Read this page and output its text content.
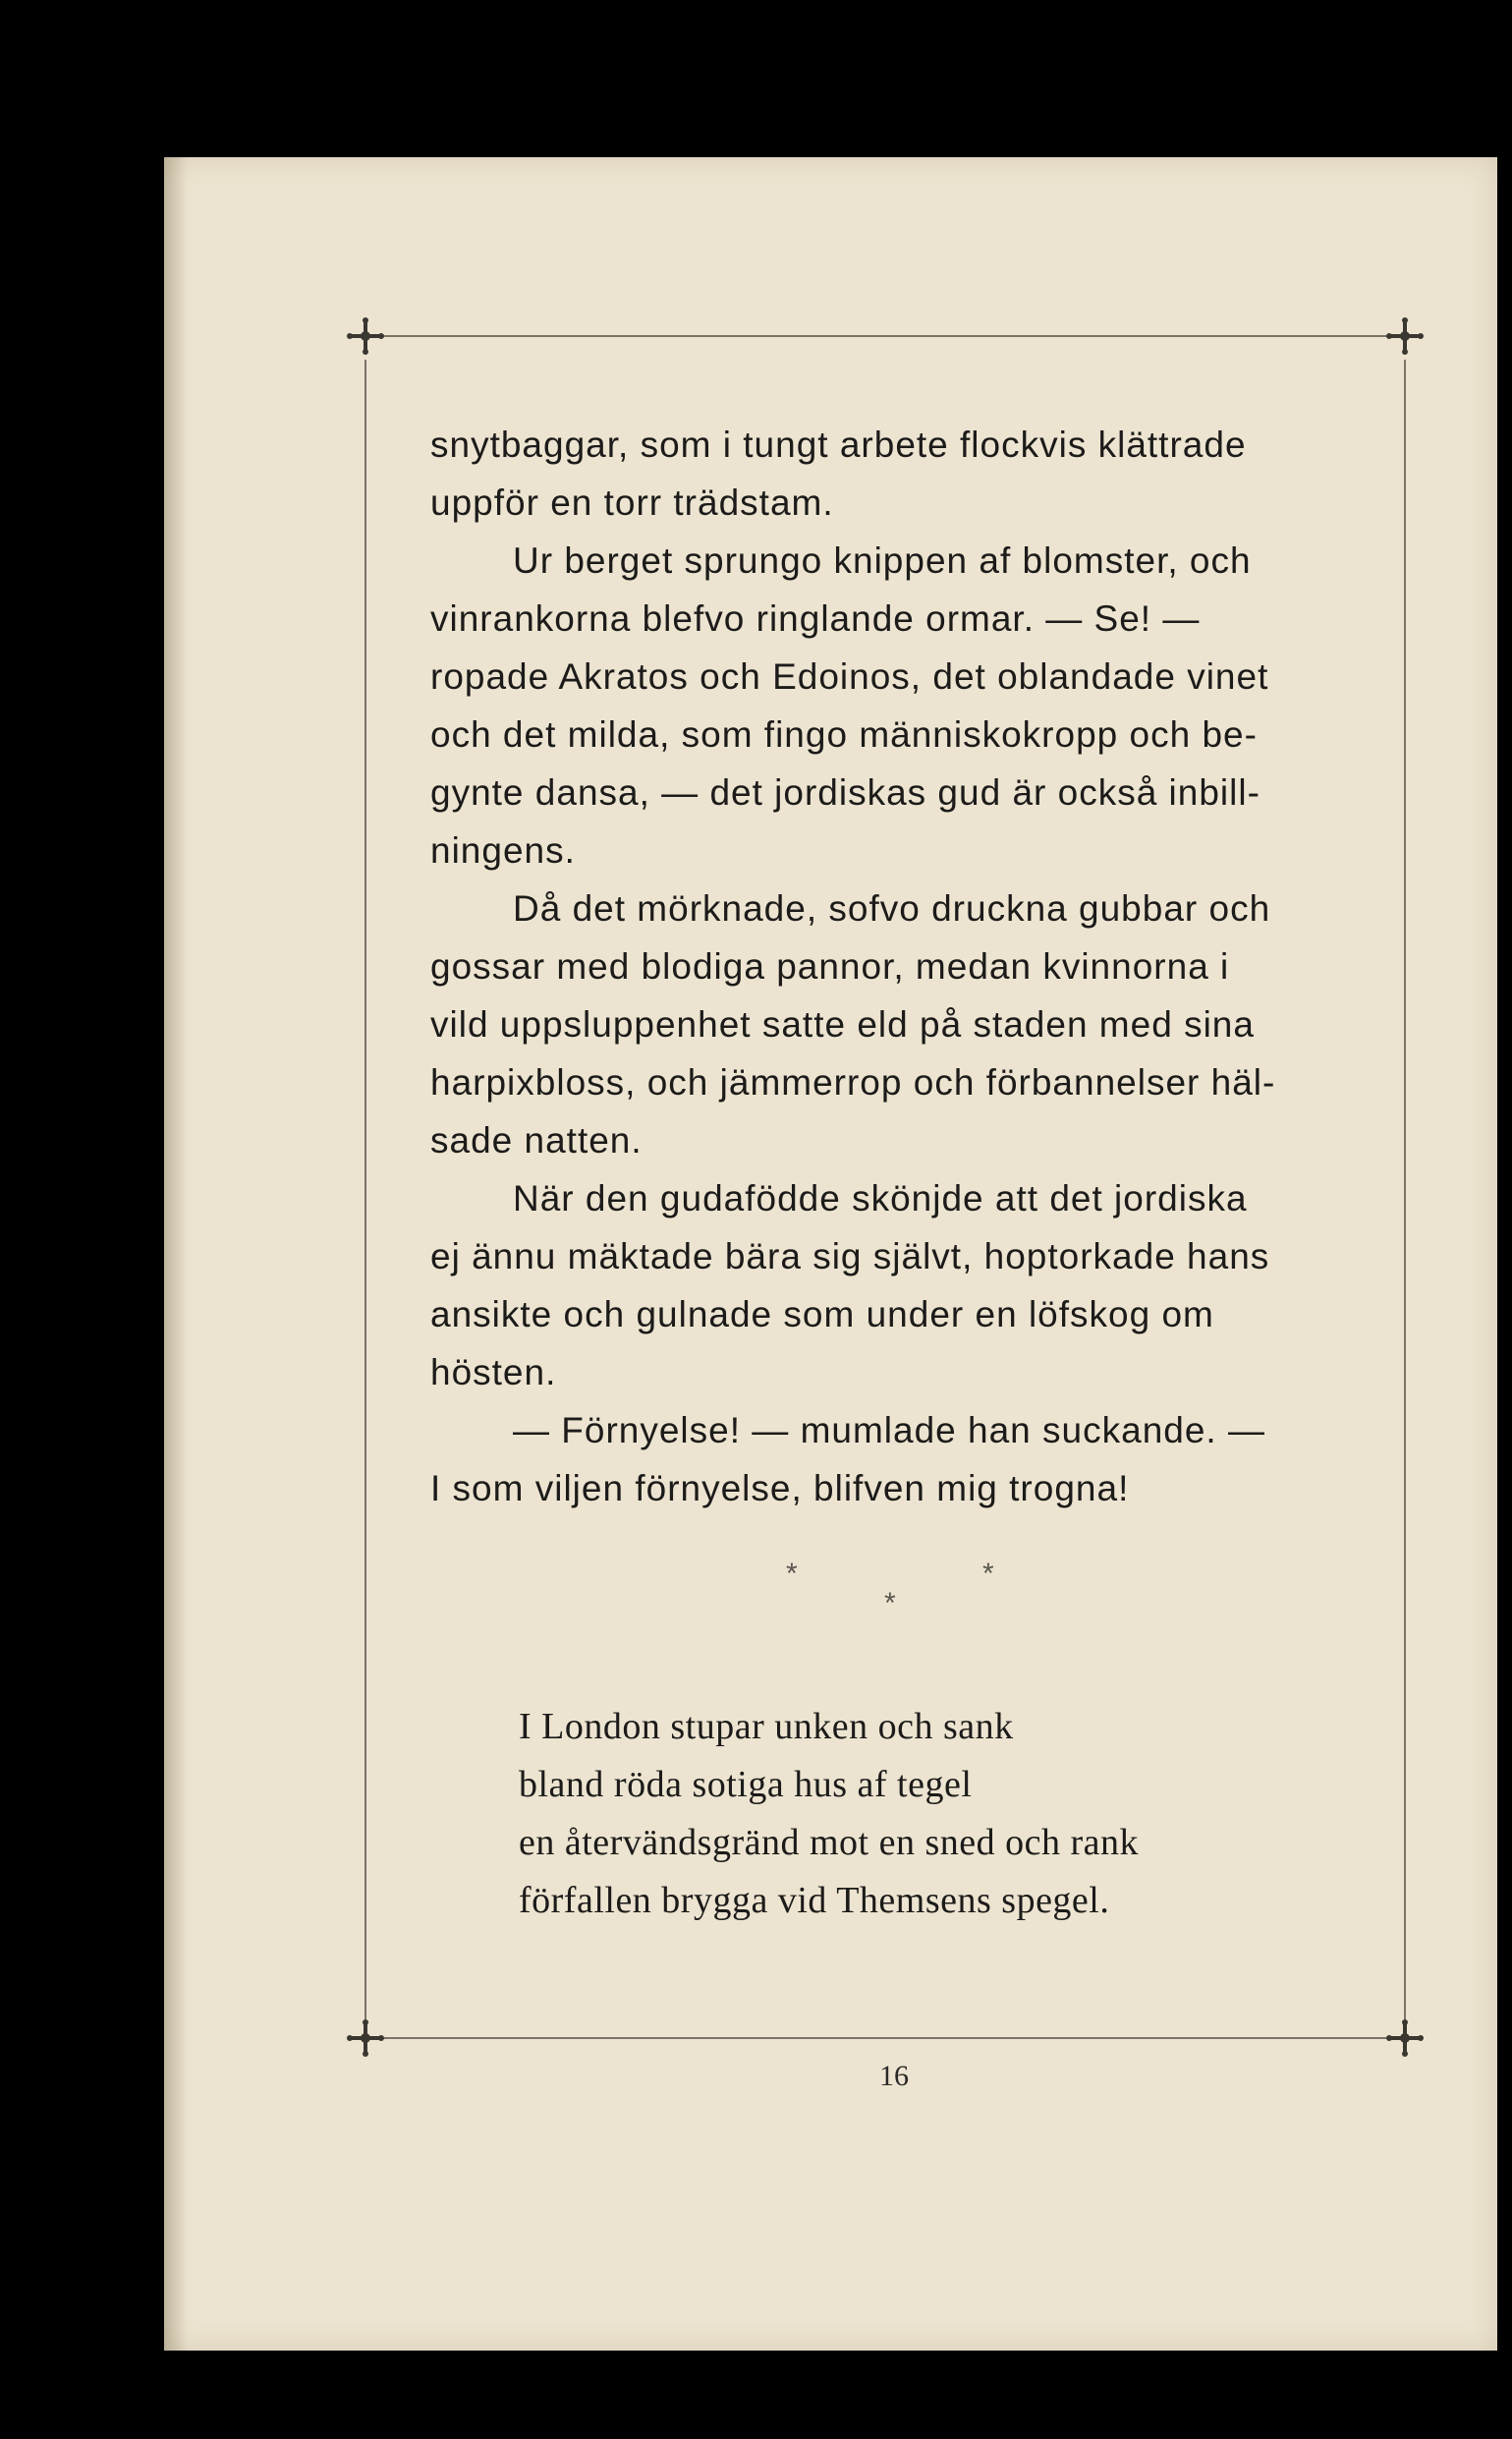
snytbaggar, som i tungt arbete flockvis klättrade
uppför en torr trädstam.
Ur berget sprungo knippen af blomster, och
vinrankorna blefvo ringlande ormar. — Se! —
ropade Akratos och Edoinos, det oblandade vinet
och det milda, som fingo människokropp och be-
gynte dansa, — det jordiskas gud är också inbill-
ningens.
Då det mörknade, sofvo druckna gubbar och
gossar med blodiga pannor, medan kvinnorna i
vild uppsluppenhet satte eld på staden med sina
harpixbloss, och jämmerrop och förbannelser häl-
sade natten.
När den gudafödde skönjde att det jordiska
ej ännu mäktade bära sig självt, hoptorkade hans
ansikte och gulnade som under en löfskog om
hösten.
— Förnyelse! — mumlade han suckande. —
I som viljen förnyelse, blifven mig trogna!
*	*
*
I London stupar unken och sank
bland röda sotiga hus af tegel
en återvändsgränd mot en sned och rank
förfallen brygga vid Themsens spegel.
16
